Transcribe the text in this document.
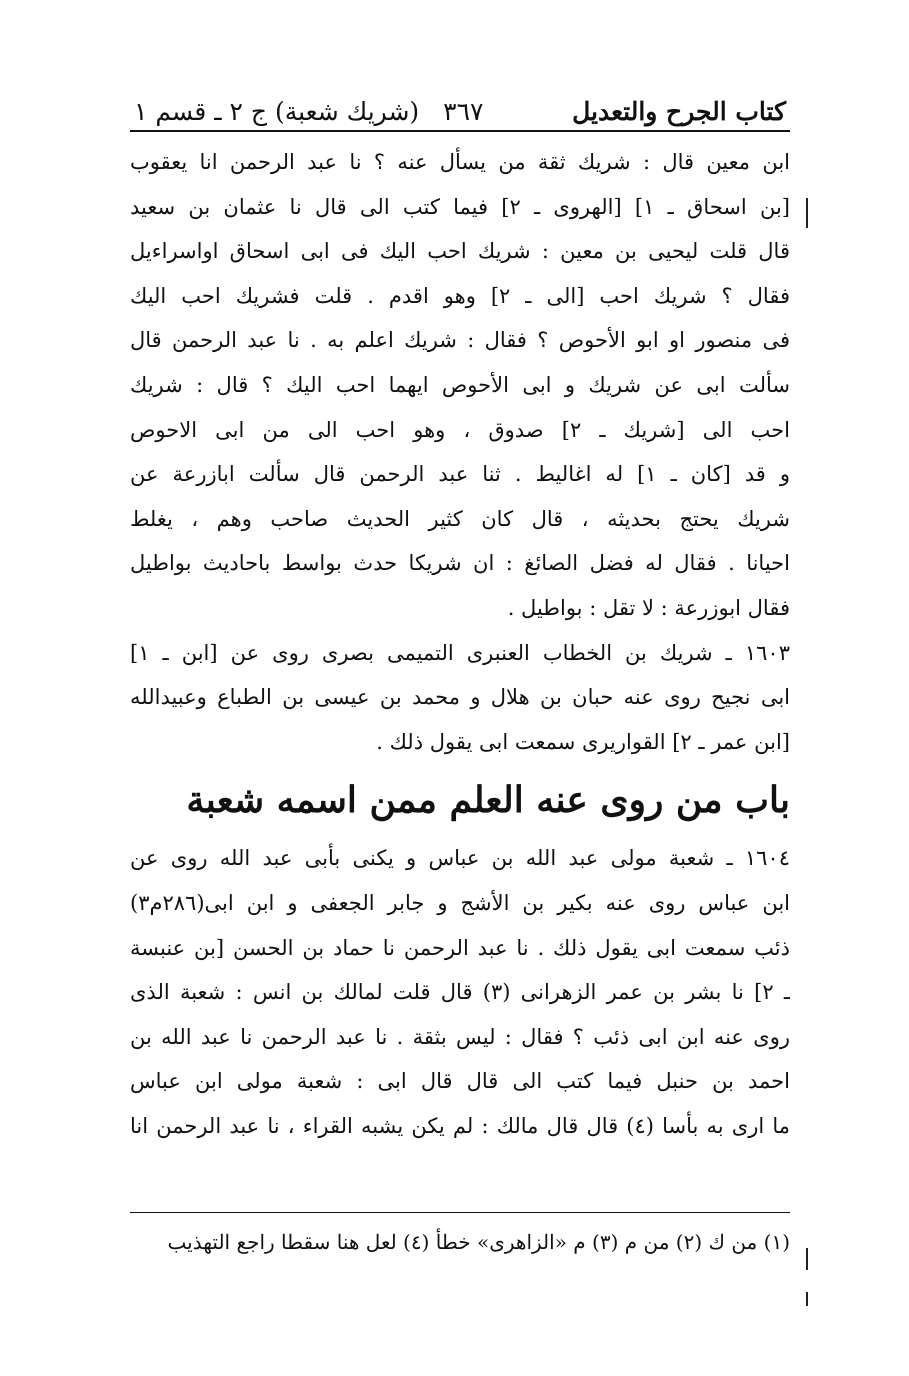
كتاب الجرح والتعديل
٣٦٧
(شريك شعبة) ج ٢ ـ قسم ١
ابن معين قال : شريك ثقة من يسأل عنه ؟ نا عبد الرحمن انا يعقوب
[بن اسحاق ـ ١] [الهروى ـ ٢] فيما كتب الى قال نا عثمان بن سعيد
قال قلت ليحيى بن معين : شريك احب اليك فى ابى اسحاق اواسراءيل
فقال ؟ شريك احب [الى ـ ٢] وهو اقدم . قلت فشريك احب اليك
فى منصور او ابو الأحوص ؟ فقال : شريك اعلم به . نا عبد الرحمن قال
سألت ابى عن شريك و ابى الأحوص ايهما احب اليك ؟ قال : شريك
احب الى [شريك ـ ٢] صدوق ، وهو احب الى من ابى الاحوص
و قد [كان ـ ١] له اغاليط . ثنا عبد الرحمن قال سألت ابازرعة عن
شريك يحتج بحديثه ، قال كان كثير الحديث صاحب وهم ، يغلط
احيانا . فقال له فضل الصائغ : ان شريكا حدث بواسط باحاديث بواطيل
فقال ابوزرعة : لا تقل : بواطيل .
١٦٠٣ ـ شريك بن الخطاب العنبرى التميمى بصرى روى عن [ابن ـ ١]
ابى نجيح روى عنه حبان بن هلال و محمد بن عيسى بن الطباع وعبيدالله
[ابن عمر ـ ٢] القواريرى سمعت ابى يقول ذلك .
باب من روى عنه العلم ممن اسمه شعبة
١٦٠٤ ـ شعبة مولى عبد الله بن عباس و يكنى بأبى عبد الله روى عن
ابن عباس روى عنه بكير بن الأشج و جابر الجعفى و ابن ابى(٢٨٦م٣)
ذئب سمعت ابى يقول ذلك . نا عبد الرحمن نا حماد بن الحسن [بن عنبسة
ـ ٢] نا بشر بن عمر الزهرانى (٣) قال قلت لمالك بن انس : شعبة الذى
روى عنه ابن ابى ذئب ؟ فقال : ليس بثقة . نا عبد الرحمن نا عبد الله بن
احمد بن حنبل فيما كتب الى قال قال ابى : شعبة مولى ابن عباس
ما ارى به بأسا (٤) قال قال مالك : لم يكن يشبه القراء ، نا عبد الرحمن انا
(١) من ك (٢) من م (٣) م «الزاهرى» خطأ (٤) لعل هنا سقطا راجع التهذيب
